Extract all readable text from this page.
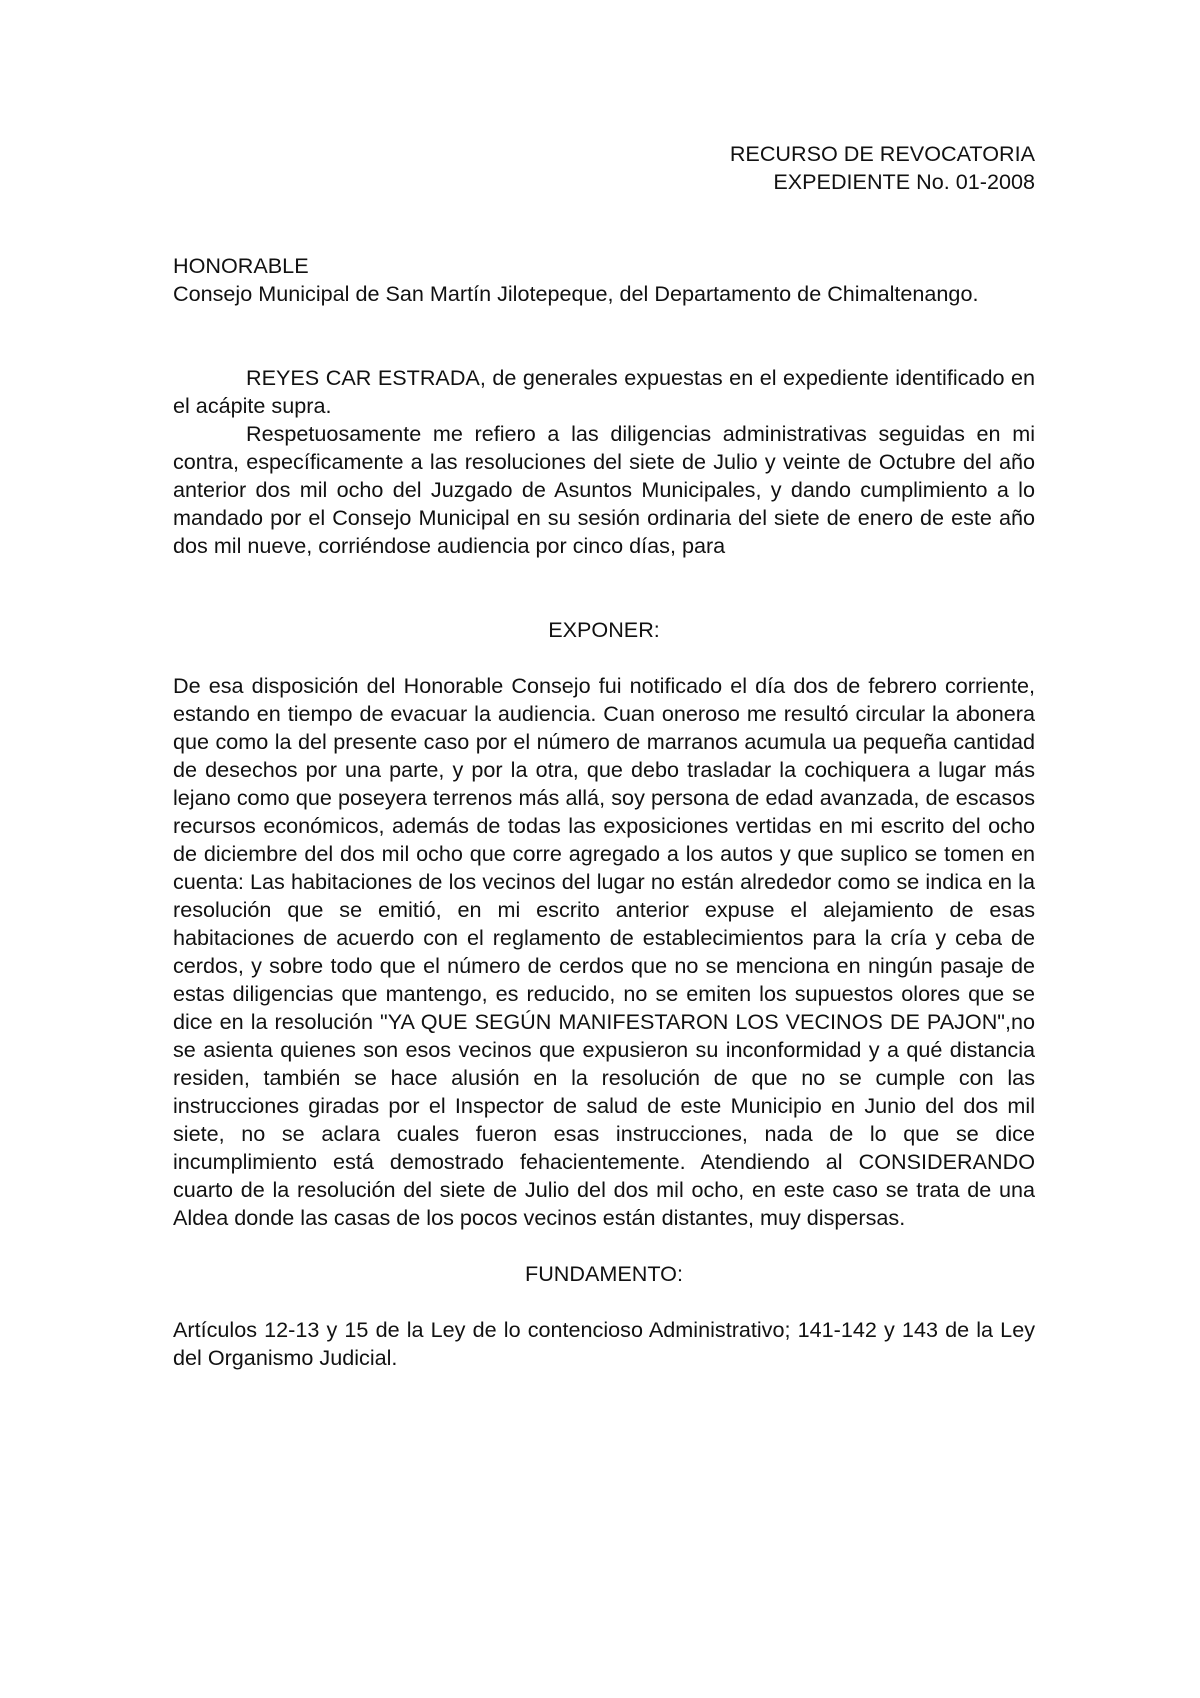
RECURSO DE REVOCATORIA
EXPEDIENTE No. 01-2008
HONORABLE
Consejo Municipal de San Martín Jilotepeque, del Departamento de Chimaltenango.

REYES CAR ESTRADA, de generales expuestas en el expediente identificado en el acápite supra.

Respetuosamente me refiero a las diligencias administrativas seguidas en mi contra, específicamente a las resoluciones del siete de Julio y veinte de Octubre del año anterior dos mil ocho del Juzgado de Asuntos Municipales, y dando cumplimiento a lo mandado por el Consejo Municipal en su sesión ordinaria del siete de enero de este año dos mil nueve, corriéndose audiencia por cinco días, para

EXPONER:

De esa disposición del Honorable Consejo fui notificado el día dos de febrero corriente, estando en tiempo de evacuar la audiencia. Cuan oneroso me resultó circular la abonera que como la del presente caso por el número de marranos acumula ua pequeña cantidad de desechos por una parte, y por la otra, que debo trasladar la cochiquera a lugar más lejano como que poseyera terrenos más allá, soy persona de edad avanzada, de escasos recursos económicos, además de todas las exposiciones vertidas en mi escrito del ocho de diciembre del dos mil ocho que corre agregado a los autos y que suplico se tomen en cuenta: Las habitaciones de los vecinos del lugar no están alrededor como se indica en la resolución que se emitió, en mi escrito anterior expuse el alejamiento de esas habitaciones de acuerdo con el reglamento de establecimientos para la cría y ceba de cerdos, y sobre todo que el número de cerdos que no se menciona en ningún pasaje de estas diligencias que mantengo, es reducido, no se emiten los supuestos olores que se dice en la resolución "YA QUE SEGÚN MANIFESTARON LOS VECINOS DE PAJON",no se asienta quienes son esos vecinos que expusieron su inconformidad y a qué distancia residen, también se hace alusión en la resolución de que no se cumple con las instrucciones giradas por el Inspector de salud de este Municipio en Junio del dos mil siete, no se aclara cuales fueron esas instrucciones, nada de lo que se dice incumplimiento está demostrado fehacientemente. Atendiendo al CONSIDERANDO cuarto de la resolución del siete de Julio del dos mil ocho, en este caso se trata de una Aldea donde las casas de los pocos vecinos están distantes, muy dispersas.

FUNDAMENTO:

Artículos 12-13 y 15 de la Ley de lo contencioso Administrativo; 141-142 y 143 de la Ley del Organismo Judicial.
